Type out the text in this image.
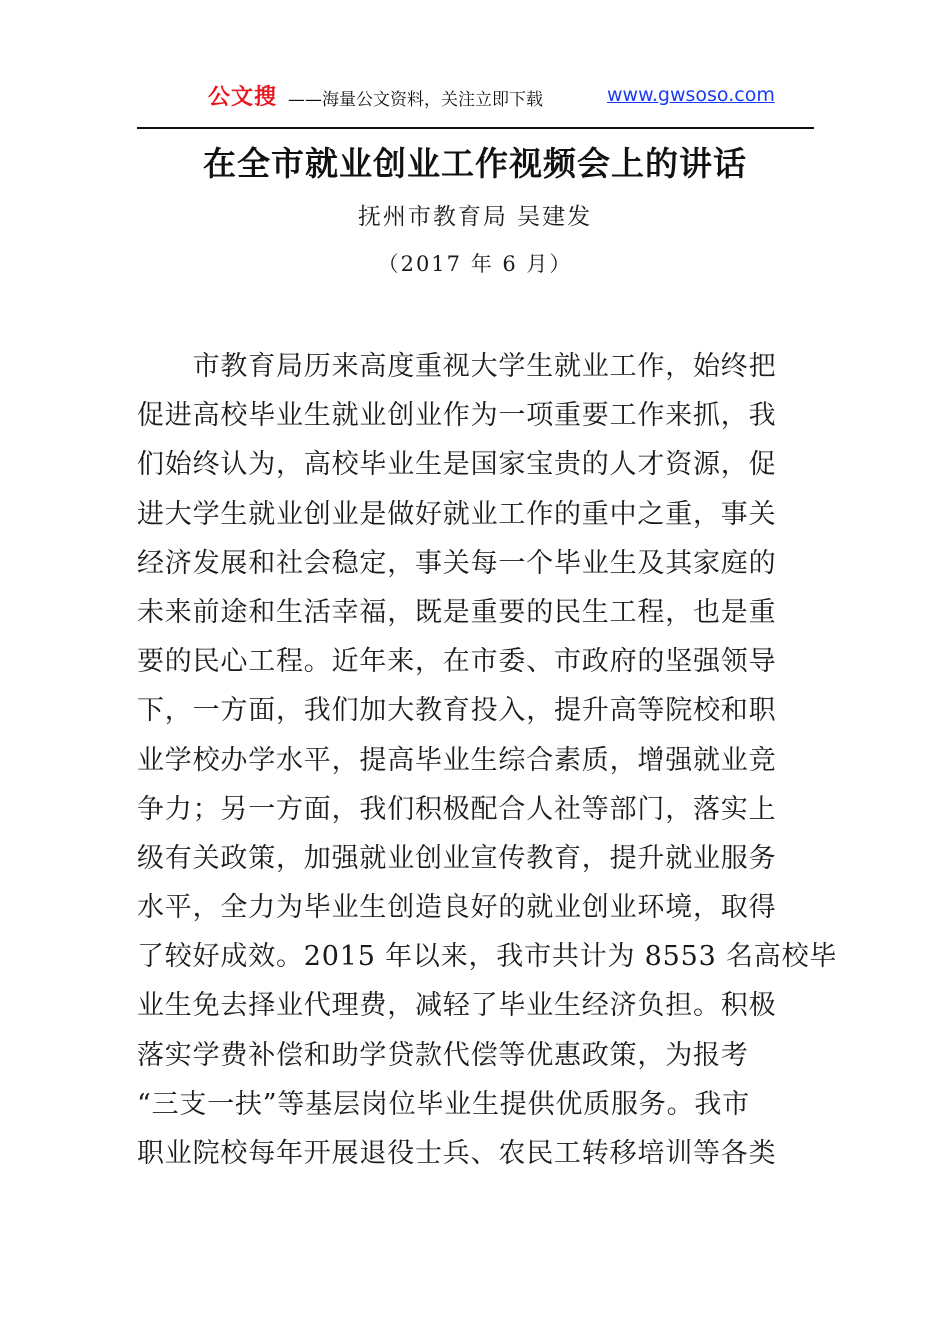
公文搜 ——海量公文资料，关注立即下载	www.gwsoso.com
在全市就业创业工作视频会上的讲话
抚州市教育局 吴建发
（2017 年 6 月）
　　市教育局历来高度重视大学生就业工作，始终把
促进高校毕业生就业创业作为一项重要工作来抓，我
们始终认为，高校毕业生是国家宝贵的人才资源，促
进大学生就业创业是做好就业工作的重中之重，事关
经济发展和社会稳定，事关每一个毕业生及其家庭的
未来前途和生活幸福，既是重要的民生工程，也是重
要的民心工程。近年来，在市委、市政府的坚强领导
下，一方面，我们加大教育投入，提升高等院校和职
业学校办学水平，提高毕业生综合素质，增强就业竞
争力；另一方面，我们积极配合人社等部门，落实上
级有关政策，加强就业创业宣传教育，提升就业服务
水平，全力为毕业生创造良好的就业创业环境，取得
了较好成效。2015 年以来，我市共计为 8553 名高校毕
业生免去择业代理费，减轻了毕业生经济负担。积极
落实学费补偿和助学贷款代偿等优惠政策，为报考
“三支一扶”等基层岗位毕业生提供优质服务。我市
职业院校每年开展退役士兵、农民工转移培训等各类
